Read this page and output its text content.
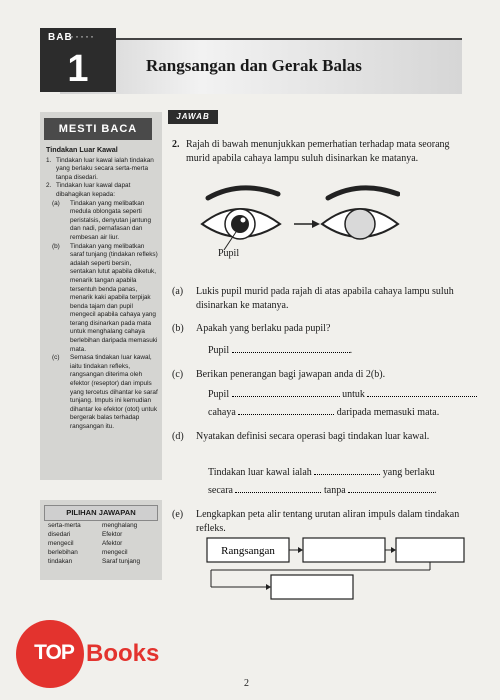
BAB
·····
1	Rangsangan dan Gerak Balas
MESTI BACA
Tindakan Luar Kawal
1. Tindakan luar kawal ialah tindakan yang berlaku secara serta-merta tanpa disedari.

2. Tindakan luar kawal dapat dibahagikan kepada:

(a)	Tindakan yang melibatkan medula oblongata seperti peristalsis, denyutan jantung dan nadi, pernafasan dan rembesan air liur.

(b)	Tindakan yang melibatkan saraf tunjang (tindakan refleks) adalah seperti bersin, sentakan lutut apabila diketuk, menarik tangan apabila tersentuh benda panas, menarik kaki apabila terpijak benda tajam dan pupil mengecil apabila cahaya yang terang disinarkan pada mata untuk menghalang cahaya berlebihan daripada memasuki mata.

(c)	Semasa tindakan luar kawal, iaitu tindakan refleks, rangsangan diterima oleh efektor (reseptor) dan impuls yang tercetus dihantar ke saraf tunjang. Impuls ini kemudian dihantar ke efektor (otot) untuk bergerak balas terhadap rangsangan itu.

PILIHAN JAWAPAN
serta-merta	menghalang
disedari	Efektor
mengecil	Afektor
berlebihan	mengecil
tindakan	Saraf tunjang
JAWAB
2. Rajah di bawah menunjukkan pemerhatian terhadap mata seorang murid apabila cahaya lampu suluh disinarkan ke matanya.
Pupil
(a)	Lukis pupil murid pada rajah di atas apabila cahaya lampu suluh disinarkan ke matanya.
(b)	Apakah yang berlaku pada pupil?
Pupil	.
(c)	Berikan penerangan bagi jawapan anda di 2(b).
Pupil	untuk
cahaya	daripada memasuki mata.
(d)	Nyatakan definisi secara operasi bagi tindakan luar kawal.
Tindakan luar kawal ialah	yang berlaku
secara	tanpa	.
(e)	Lengkapkan peta alir tentang urutan aliran impuls dalam tindakan refleks.
Rangsangan
TOP Books
2
